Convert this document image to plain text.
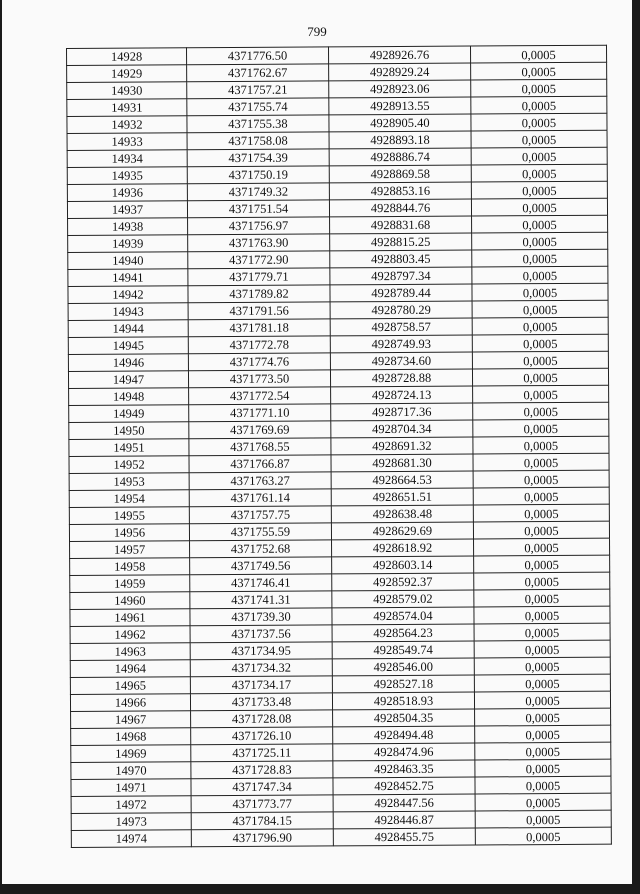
799
14928	4371776.50	4928926.76	0,0005
14929	4371762.67	4928929.24	0,0005
14930	4371757.21	4928923.06	0,0005
14931	4371755.74	4928913.55	0,0005
14932	4371755.38	4928905.40	0,0005
14933	4371758.08	4928893.18	0,0005
14934	4371754.39	4928886.74	0,0005
14935	4371750.19	4928869.58	0,0005
14936	4371749.32	4928853.16	0,0005
14937	4371751.54	4928844.76	0,0005
14938	4371756.97	4928831.68	0,0005
14939	4371763.90	4928815.25	0,0005
14940	4371772.90	4928803.45	0,0005
14941	4371779.71	4928797.34	0,0005
14942	4371789.82	4928789.44	0,0005
14943	4371791.56	4928780.29	0,0005
14944	4371781.18	4928758.57	0,0005
14945	4371772.78	4928749.93	0,0005
14946	4371774.76	4928734.60	0,0005
14947	4371773.50	4928728.88	0,0005
14948	4371772.54	4928724.13	0,0005
14949	4371771.10	4928717.36	0,0005
14950	4371769.69	4928704.34	0,0005
14951	4371768.55	4928691.32	0,0005
14952	4371766.87	4928681.30	0,0005
14953	4371763.27	4928664.53	0,0005
14954	4371761.14	4928651.51	0,0005
14955	4371757.75	4928638.48	0,0005
14956	4371755.59	4928629.69	0,0005
14957	4371752.68	4928618.92	0,0005
14958	4371749.56	4928603.14	0,0005
14959	4371746.41	4928592.37	0,0005
14960	4371741.31	4928579.02	0,0005
14961	4371739.30	4928574.04	0,0005
14962	4371737.56	4928564.23	0,0005
14963	4371734.95	4928549.74	0,0005
14964	4371734.32	4928546.00	0,0005
14965	4371734.17	4928527.18	0,0005
14966	4371733.48	4928518.93	0,0005
14967	4371728.08	4928504.35	0,0005
14968	4371726.10	4928494.48	0,0005
14969	4371725.11	4928474.96	0,0005
14970	4371728.83	4928463.35	0,0005
14971	4371747.34	4928452.75	0,0005
14972	4371773.77	4928447.56	0,0005
14973	4371784.15	4928446.87	0,0005
14974	4371796.90	4928455.75	0,0005
